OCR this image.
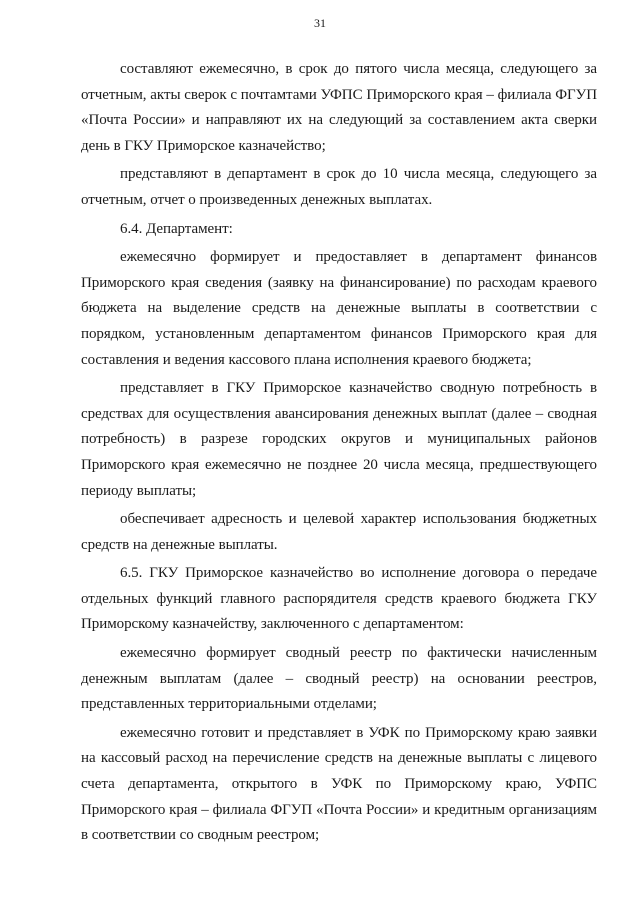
31

составляют ежемесячно, в срок до пятого числа месяца, следующего за отчетным, акты сверок с почтамтами УФПС Приморского края – филиала ФГУП «Почта России» и направляют их на следующий за составлением акта сверки день в ГКУ Приморское казначейство;

представляют в департамент в срок до 10 числа месяца, следующего за отчетным, отчет о произведенных денежных выплатах.

6.4. Департамент:

ежемесячно формирует и предоставляет в департамент финансов Приморского края сведения (заявку на финансирование) по расходам краевого бюджета на выделение средств на денежные выплаты в соответствии с порядком, установленным департаментом финансов Приморского края для составления и ведения кассового плана исполнения краевого бюджета;

представляет в ГКУ Приморское казначейство сводную потребность в средствах для осуществления авансирования денежных выплат (далее – сводная потребность) в разрезе городских округов и муниципальных районов Приморского края ежемесячно не позднее 20 числа месяца, предшествующего периоду выплаты;

обеспечивает адресность и целевой характер использования бюджетных средств на денежные выплаты.

6.5. ГКУ Приморское казначейство во исполнение договора о передаче отдельных функций главного распорядителя средств краевого бюджета ГКУ Приморскому казначейству, заключенного с департаментом:

ежемесячно формирует сводный реестр по фактически начисленным денежным выплатам (далее – сводный реестр) на основании реестров, представленных территориальными отделами;

ежемесячно готовит и представляет в УФК по Приморскому краю заявки на кассовый расход на перечисление средств на денежные выплаты с лицевого счета департамента, открытого в УФК по Приморскому краю, УФПС Приморского края – филиала ФГУП «Почта России» и кредитным организациям в соответствии со сводным реестром;
